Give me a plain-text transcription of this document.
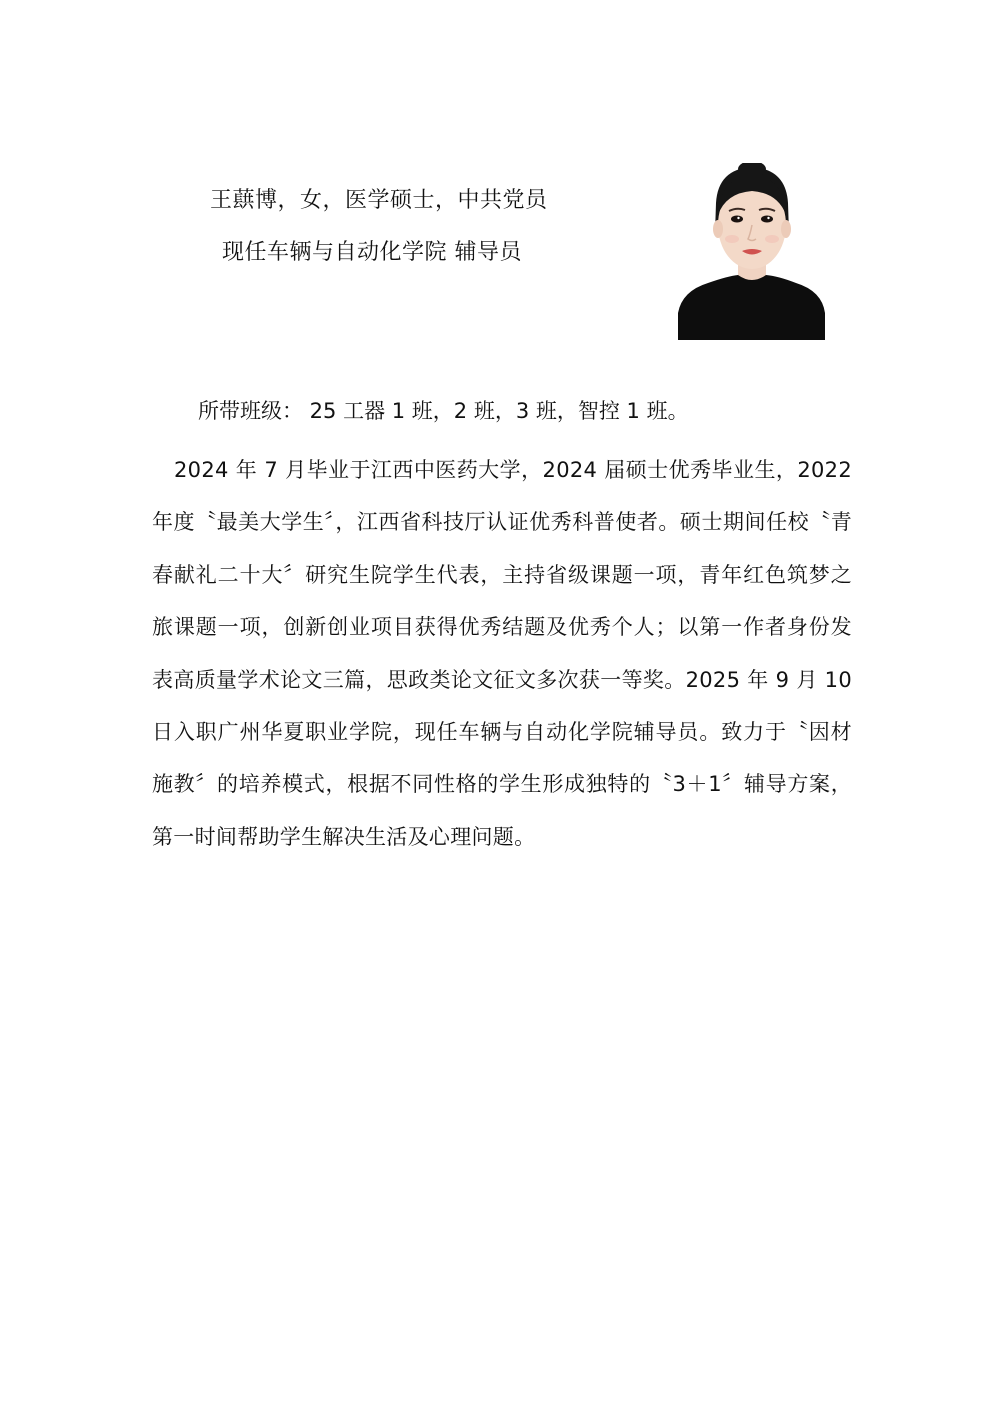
王蕻博，女，医学硕士，中共党员
现任车辆与自动化学院 辅导员
所带班级： 25 工器 1 班，2 班，3 班，智控 1 班。
2024 年 7 月毕业于江西中医药大学，2024 届硕士优秀毕业生，2022 年度〝最美大学生〞，江西省科技厅认证优秀科普使者。硕士期间任校〝青春献礼二十大〞研究生院学生代表，主持省级课题一项，青年红色筑梦之旅课题一项，创新创业项目获得优秀结题及优秀个人；以第一作者身份发表高质量学术论文三篇，思政类论文征文多次获一等奖。2025 年 9 月 10 日入职广州华夏职业学院，现任车辆与自动化学院辅导员。致力于〝因材施教〞的培养模式，根据不同性格的学生形成独特的〝3＋1〞辅导方案，第一时间帮助学生解决生活及心理问题。
